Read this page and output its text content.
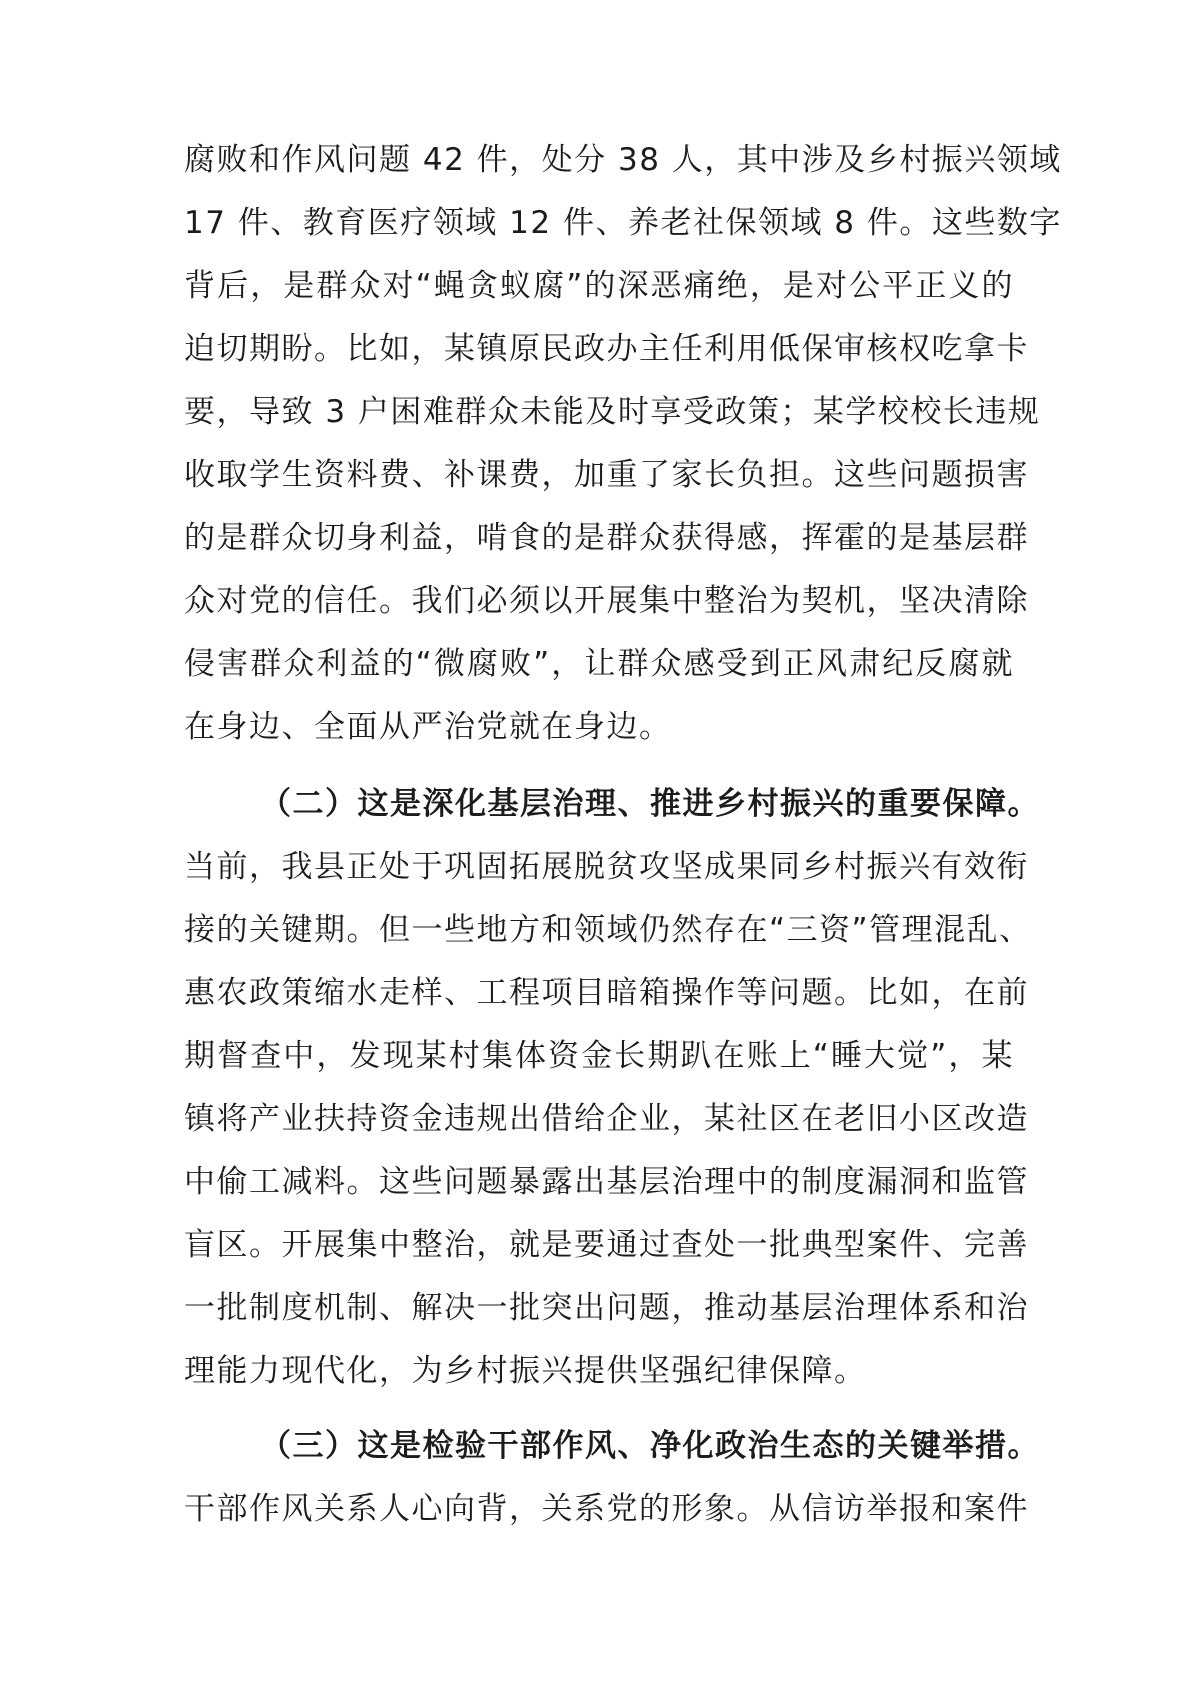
腐败和作风问题 42 件，处分 38 人，其中涉及乡村振兴领域
17 件、教育医疗领域 12 件、养老社保领域 8 件。这些数字
背后，是群众对“蝇贪蚁腐”的深恶痛绝，是对公平正义的
迫切期盼。比如，某镇原民政办主任利用低保审核权吃拿卡
要，导致 3 户困难群众未能及时享受政策；某学校校长违规
收取学生资料费、补课费，加重了家长负担。这些问题损害
的是群众切身利益，啃食的是群众获得感，挥霍的是基层群
众对党的信任。我们必须以开展集中整治为契机，坚决清除
侵害群众利益的“微腐败”，让群众感受到正风肃纪反腐就
在身边、全面从严治党就在身边。
（二）这是深化基层治理、推进乡村振兴的重要保障。
当前，我县正处于巩固拓展脱贫攻坚成果同乡村振兴有效衔
接的关键期。但一些地方和领域仍然存在“三资”管理混乱、
惠农政策缩水走样、工程项目暗箱操作等问题。比如，在前
期督查中，发现某村集体资金长期趴在账上“睡大觉”，某
镇将产业扶持资金违规出借给企业，某社区在老旧小区改造
中偷工减料。这些问题暴露出基层治理中的制度漏洞和监管
盲区。开展集中整治，就是要通过查处一批典型案件、完善
一批制度机制、解决一批突出问题，推动基层治理体系和治
理能力现代化，为乡村振兴提供坚强纪律保障。
（三）这是检验干部作风、净化政治生态的关键举措。
干部作风关系人心向背，关系党的形象。从信访举报和案件
